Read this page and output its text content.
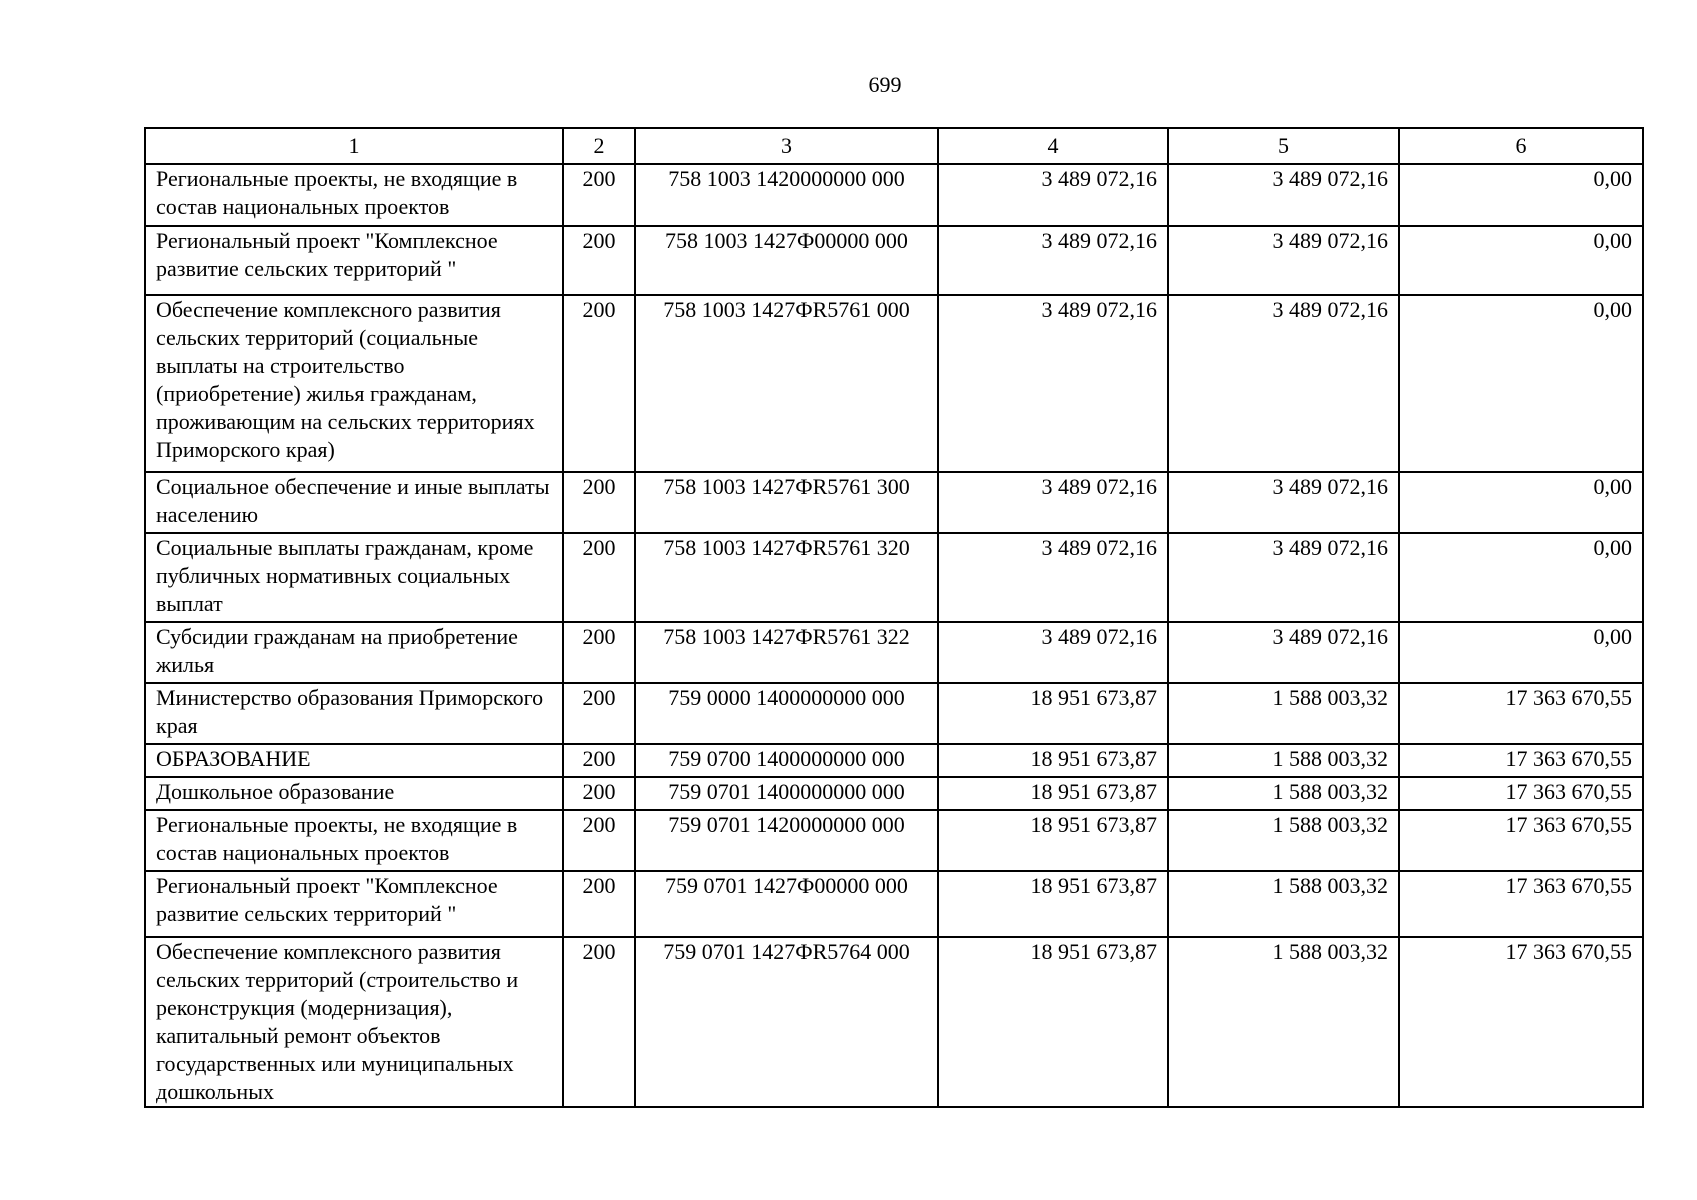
699
1	2	3	4	5	6
Региональные проекты, не входящие в состав национальных проектов	200	758 1003 1420000000 000	3 489 072,16	3 489 072,16	0,00
Региональный проект "Комплексное развитие сельских территорий "	200	758 1003 1427Ф00000 000	3 489 072,16	3 489 072,16	0,00
Обеспечение комплексного развития сельских территорий (социальные выплаты на строительство (приобретение) жилья гражданам, проживающим на сельских территориях Приморского края)	200	758 1003 1427ФR5761 000	3 489 072,16	3 489 072,16	0,00
Социальное обеспечение и иные выплаты населению	200	758 1003 1427ФR5761 300	3 489 072,16	3 489 072,16	0,00
Социальные выплаты гражданам, кроме публичных нормативных социальных выплат	200	758 1003 1427ФR5761 320	3 489 072,16	3 489 072,16	0,00
Субсидии гражданам на приобретение жилья	200	758 1003 1427ФR5761 322	3 489 072,16	3 489 072,16	0,00
Министерство образования Приморского края	200	759 0000 1400000000 000	18 951 673,87	1 588 003,32	17 363 670,55
ОБРАЗОВАНИЕ	200	759 0700 1400000000 000	18 951 673,87	1 588 003,32	17 363 670,55
Дошкольное образование	200	759 0701 1400000000 000	18 951 673,87	1 588 003,32	17 363 670,55
Региональные проекты, не входящие в состав национальных проектов	200	759 0701 1420000000 000	18 951 673,87	1 588 003,32	17 363 670,55
Региональный проект "Комплексное развитие сельских территорий "	200	759 0701 1427Ф00000 000	18 951 673,87	1 588 003,32	17 363 670,55
Обеспечение комплексного развития сельских территорий (строительство и реконструкция (модернизация), капитальный ремонт объектов государственных или муниципальных дошкольных	200	759 0701 1427ФR5764 000	18 951 673,87	1 588 003,32	17 363 670,55
